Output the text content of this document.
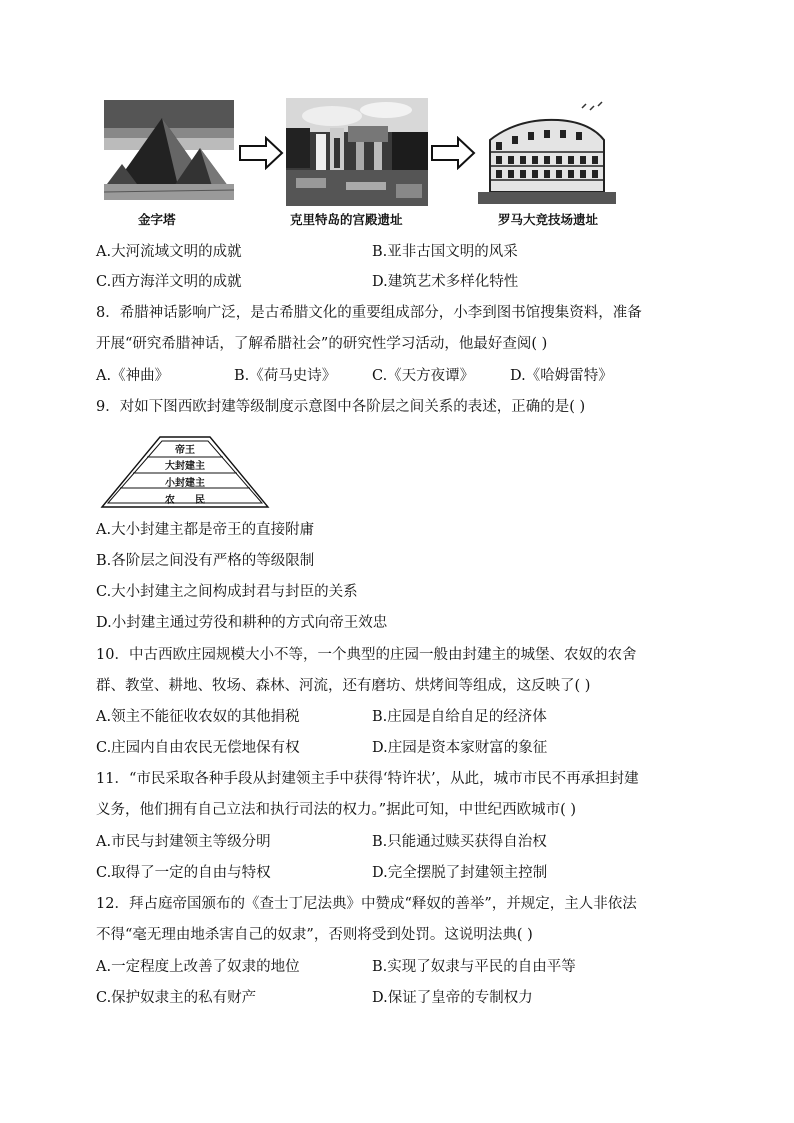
金字塔	克里特岛的宫殿遗址	罗马大竞技场遗址
A.大河流域文明的成就	B.亚非古国文明的风采
C.西方海洋文明的成就	D.建筑艺术多样化特性
8．希腊神话影响广泛，是古希腊文化的重要组成部分，小李到图书馆搜集资料，准备
开展“研究希腊神话，了解希腊社会”的研究性学习活动，他最好查阅( )
A.《神曲》	B.《荷马史诗》 C.《天方夜谭》 D.《哈姆雷特》
9．对如下图西欧封建等级制度示意图中各阶层之间关系的表述，正确的是( )
帝王
大封建主
小封建主
农　　民
A.大小封建主都是帝王的直接附庸
B.各阶层之间没有严格的等级限制
C.大小封建主之间构成封君与封臣的关系
D.小封建主通过劳役和耕种的方式向帝王效忠
10．中古西欧庄园规模大小不等，一个典型的庄园一般由封建主的城堡、农奴的农舍
群、教堂、耕地、牧场、森林、河流，还有磨坊、烘烤间等组成，这反映了( )
A.领主不能征收农奴的其他捐税	B.庄园是自给自足的经济体
C.庄园内自由农民无偿地保有权	D.庄园是资本家财富的象征
11．“市民采取各种手段从封建领主手中获得‘特许状’，从此，城市市民不再承担封建
义务，他们拥有自己立法和执行司法的权力。”据此可知，中世纪西欧城市( )
A.市民与封建领主等级分明	B.只能通过赎买获得自治权
C.取得了一定的自由与特权	D.完全摆脱了封建领主控制
12．拜占庭帝国颁布的《查士丁尼法典》中赞成“释奴的善举”，并规定，主人非依法
不得“毫无理由地杀害自己的奴隶”，否则将受到处罚。这说明法典( )
A.一定程度上改善了奴隶的地位	B.实现了奴隶与平民的自由平等
C.保护奴隶主的私有财产	D.保证了皇帝的专制权力
